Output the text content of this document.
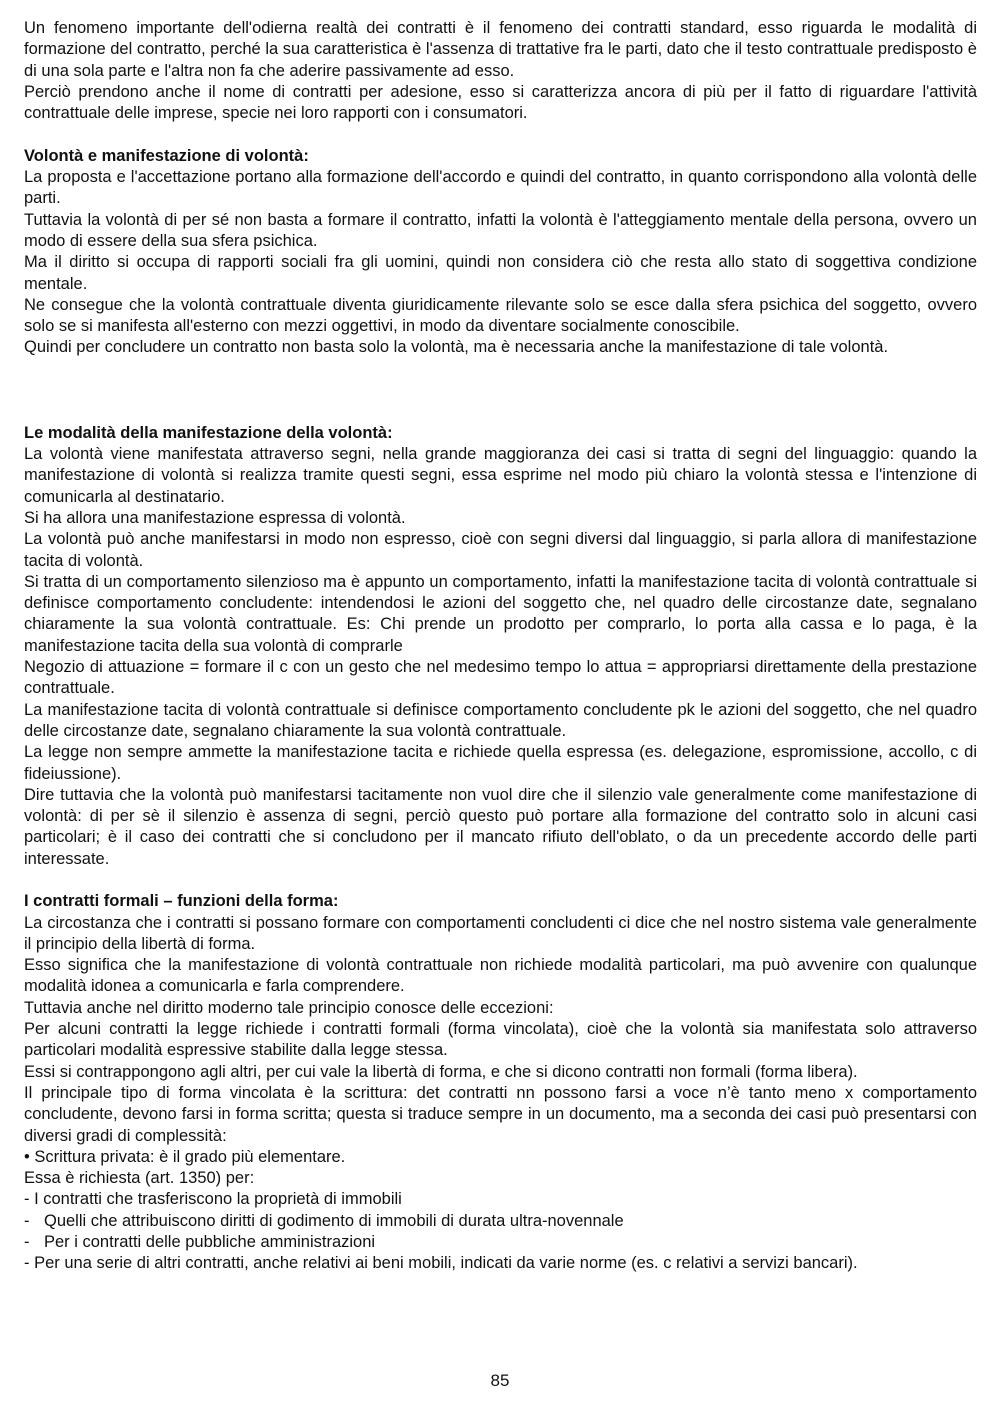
Un fenomeno importante dell'odierna realtà dei contratti è il fenomeno dei contratti standard, esso riguarda le modalità di formazione del contratto, perché la sua caratteristica è l'assenza di trattative fra le parti, dato che il testo contrattuale predisposto è di una sola parte e l'altra non fa che aderire passivamente ad esso.

Perciò prendono anche il nome di contratti per adesione, esso si caratterizza ancora di più per il fatto di riguardare l'attività contrattuale delle imprese, specie nei loro rapporti con i consumatori.

Volontà e manifestazione di volontà:

La proposta e l'accettazione portano alla formazione dell'accordo e quindi del contratto, in quanto corrispondono alla volontà delle parti.

Tuttavia la volontà di per sé non basta a formare il contratto, infatti la volontà è l'atteggiamento mentale della persona, ovvero un modo di essere della sua sfera psichica.

Ma il diritto si occupa di rapporti sociali fra gli uomini, quindi non considera ciò che resta allo stato di soggettiva condizione mentale.

Ne consegue che la volontà contrattuale diventa giuridicamente rilevante solo se esce dalla sfera psichica del soggetto, ovvero solo se si manifesta all'esterno con mezzi oggettivi, in modo da diventare socialmente conoscibile.

Quindi per concludere un contratto non basta solo la volontà, ma è necessaria anche la manifestazione di tale volontà.

Le modalità della manifestazione della volontà:

La volontà viene manifestata attraverso segni, nella grande maggioranza dei casi si tratta di segni del linguaggio: quando la manifestazione di volontà si realizza tramite questi segni, essa esprime nel modo più chiaro la volontà stessa e l'intenzione di comunicarla al destinatario.

Si ha allora una manifestazione espressa di volontà.

La volontà può anche manifestarsi in modo non espresso, cioè con segni diversi dal linguaggio, si parla allora di manifestazione tacita di volontà.

Si tratta di un comportamento silenzioso ma è appunto un comportamento, infatti la manifestazione tacita di volontà contrattuale si definisce comportamento concludente: intendendosi le azioni del soggetto che, nel quadro delle circostanze date, segnalano chiaramente la sua volontà contrattuale. Es: Chi prende un prodotto per comprarlo, lo porta alla cassa e lo paga, è la manifestazione tacita della sua volontà di comprarle

Negozio di attuazione = formare il c con un gesto che nel medesimo tempo lo attua = appropriarsi direttamente della prestazione contrattuale.

La manifestazione tacita di volontà contrattuale si definisce comportamento concludente pk le azioni del soggetto, che nel quadro delle circostanze date, segnalano chiaramente la sua volontà contrattuale.

La legge non sempre ammette la manifestazione tacita e richiede quella espressa (es. delegazione, espromissione, accollo, c di fideiussione).

Dire tuttavia che la volontà può manifestarsi tacitamente non vuol dire che il silenzio vale generalmente come manifestazione di volontà: di per sè il silenzio è assenza di segni, perciò questo può portare alla formazione del contratto solo in alcuni casi particolari; è il caso dei contratti che si concludono per il mancato rifiuto dell'oblato, o da un precedente accordo delle parti interessate.

I contratti formali – funzioni della forma:

La circostanza che i contratti si possano formare con comportamenti concludenti ci dice che nel nostro sistema vale generalmente il principio della libertà di forma.

Esso significa che la manifestazione di volontà contrattuale non richiede modalità particolari, ma può avvenire con qualunque modalità idonea a comunicarla e farla comprendere.

Tuttavia anche nel diritto moderno tale principio conosce delle eccezioni:

Per alcuni contratti la legge richiede i contratti formali (forma vincolata), cioè che la volontà sia manifestata solo attraverso particolari modalità espressive stabilite dalla legge stessa.

Essi si contrappongono agli altri, per cui vale la libertà di forma, e che si dicono contratti non formali (forma libera).

Il principale tipo di forma vincolata è la scrittura: det contratti nn possono farsi a voce n’è tanto meno x comportamento concludente, devono farsi in forma scritta; questa si traduce sempre in un documento, ma a seconda dei casi può presentarsi con diversi gradi di complessità:

• Scrittura privata: è il grado più elementare.

Essa è richiesta (art. 1350) per:

- I contratti che trasferiscono la proprietà di immobili

- Quelli che attribuiscono diritti di godimento di immobili di durata ultra-novennale
- Per i contratti delle pubbliche amministrazioni

- Per una serie di altri contratti, anche relativi ai beni mobili, indicati da varie norme (es. c relativi a servizi bancari).

85
